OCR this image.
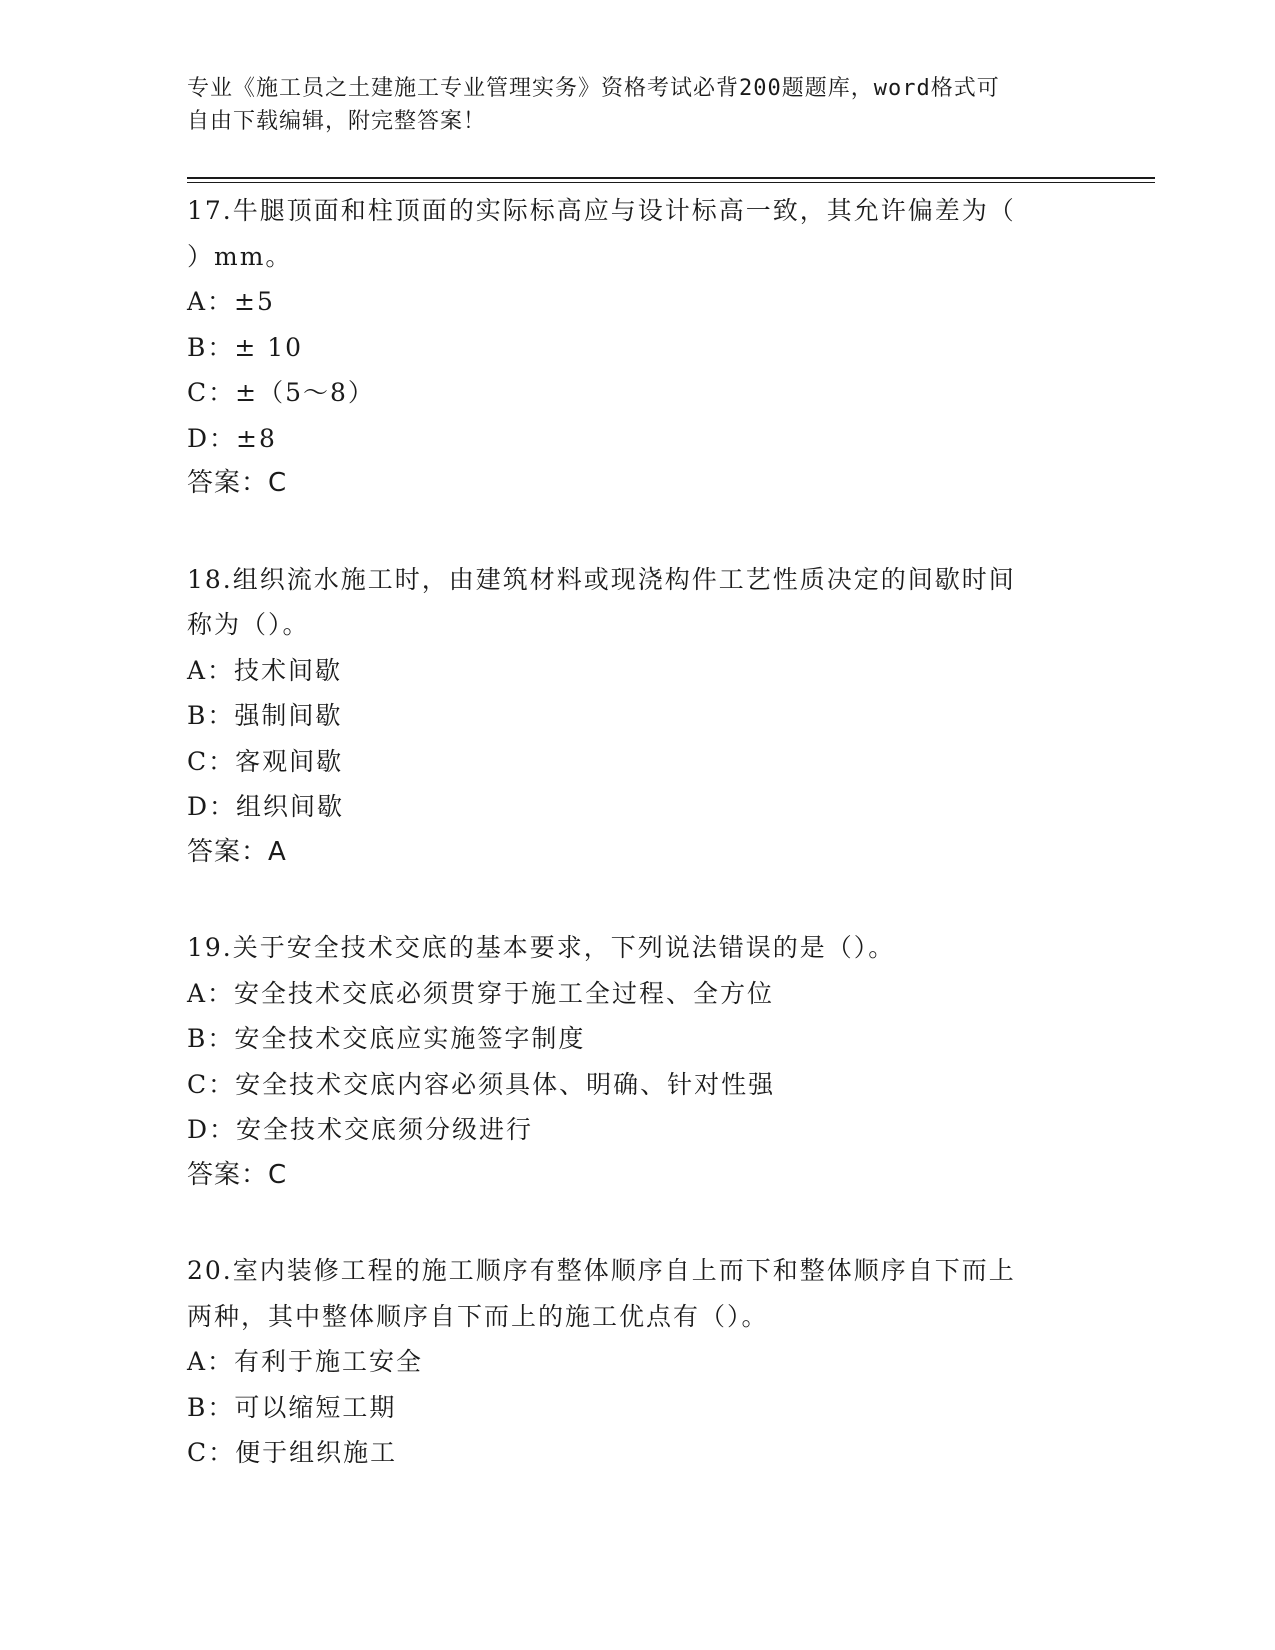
专业《施工员之土建施工专业管理实务》资格考试必背200题题库，word格式可
自由下载编辑，附完整答案！
17.牛腿顶面和柱顶面的实际标高应与设计标高一致，其允许偏差为（
）mm。
A：±5
B：± 10
C：±（5～8）
D：±8
答案：C
18.组织流水施工时，由建筑材料或现浇构件工艺性质决定的间歇时间
称为（）。
A：技术间歇
B：强制间歇
C：客观间歇
D：组织间歇
答案：A
19.关于安全技术交底的基本要求，下列说法错误的是（）。
A：安全技术交底必须贯穿于施工全过程、全方位
B：安全技术交底应实施签字制度
C：安全技术交底内容必须具体、明确、针对性强
D：安全技术交底须分级进行
答案：C
20.室内装修工程的施工顺序有整体顺序自上而下和整体顺序自下而上
两种，其中整体顺序自下而上的施工优点有（）。
A：有利于施工安全
B：可以缩短工期
C：便于组织施工
